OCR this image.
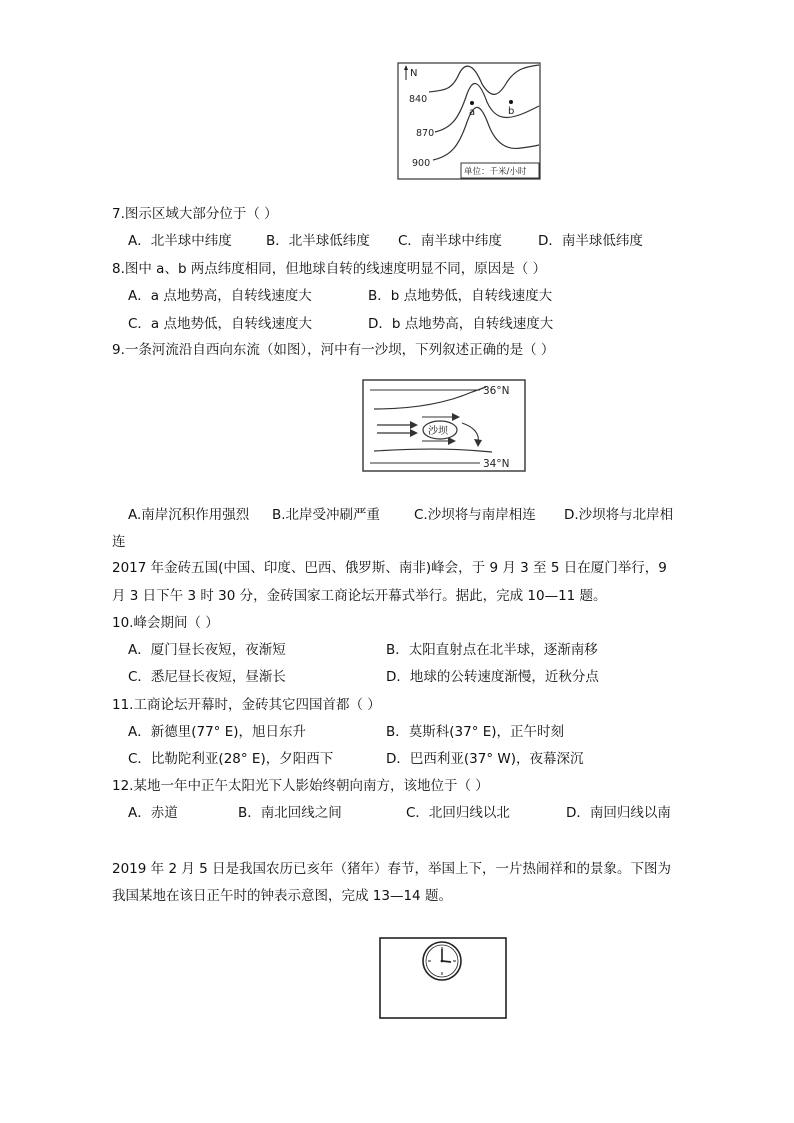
N
840
870
900
a	b
单位：千米/小时
7.图示区域大部分位于（ ）
A．北半球中纬度	B．北半球低纬度 C．南半球中纬度	D．南半球低纬度
8.图中 a、b 两点纬度相同，但地球自转的线速度明显不同，原因是（ ）
A．a 点地势高，自转线速度大	B．b 点地势低，自转线速度大
C．a 点地势低，自转线速度大	D．b 点地势高，自转线速度大
9.一条河流沿自西向东流（如图），河中有一沙坝，下列叙述正确的是（ ）
36°N
34°N
沙坝
A.南岸沉积作用强烈 B.北岸受冲刷严重	C.沙坝将与南岸相连 D.沙坝将与北岸相
连
2017 年金砖五国(中国、印度、巴西、俄罗斯、南非)峰会，于 9 月 3 至 5 日在厦门举行，9
月 3 日下午 3 时 30 分，金砖国家工商论坛开幕式举行。据此，完成 10—11 题。
10.峰会期间（ ）
A．厦门昼长夜短，夜渐短	B．太阳直射点在北半球，逐渐南移
C．悉尼昼长夜短，昼渐长	D．地球的公转速度渐慢，近秋分点
11.工商论坛开幕时，金砖其它四国首都（ ）
A．新德里(77° E)，旭日东升	B．莫斯科(37° E)，正午时刻
C．比勒陀利亚(28° E)，夕阳西下	D．巴西利亚(37° W)，夜幕深沉
12.某地一年中正午太阳光下人影始终朝向南方，该地位于（ ）
A．赤道	B．南北回线之间	C．北回归线以北	D．南回归线以南
2019 年 2 月 5 日是我国农历已亥年（猪年）春节，举国上下，一片热闹祥和的景象。下图为
我国某地在该日正午时的钟表示意图，完成 13—14 题。
